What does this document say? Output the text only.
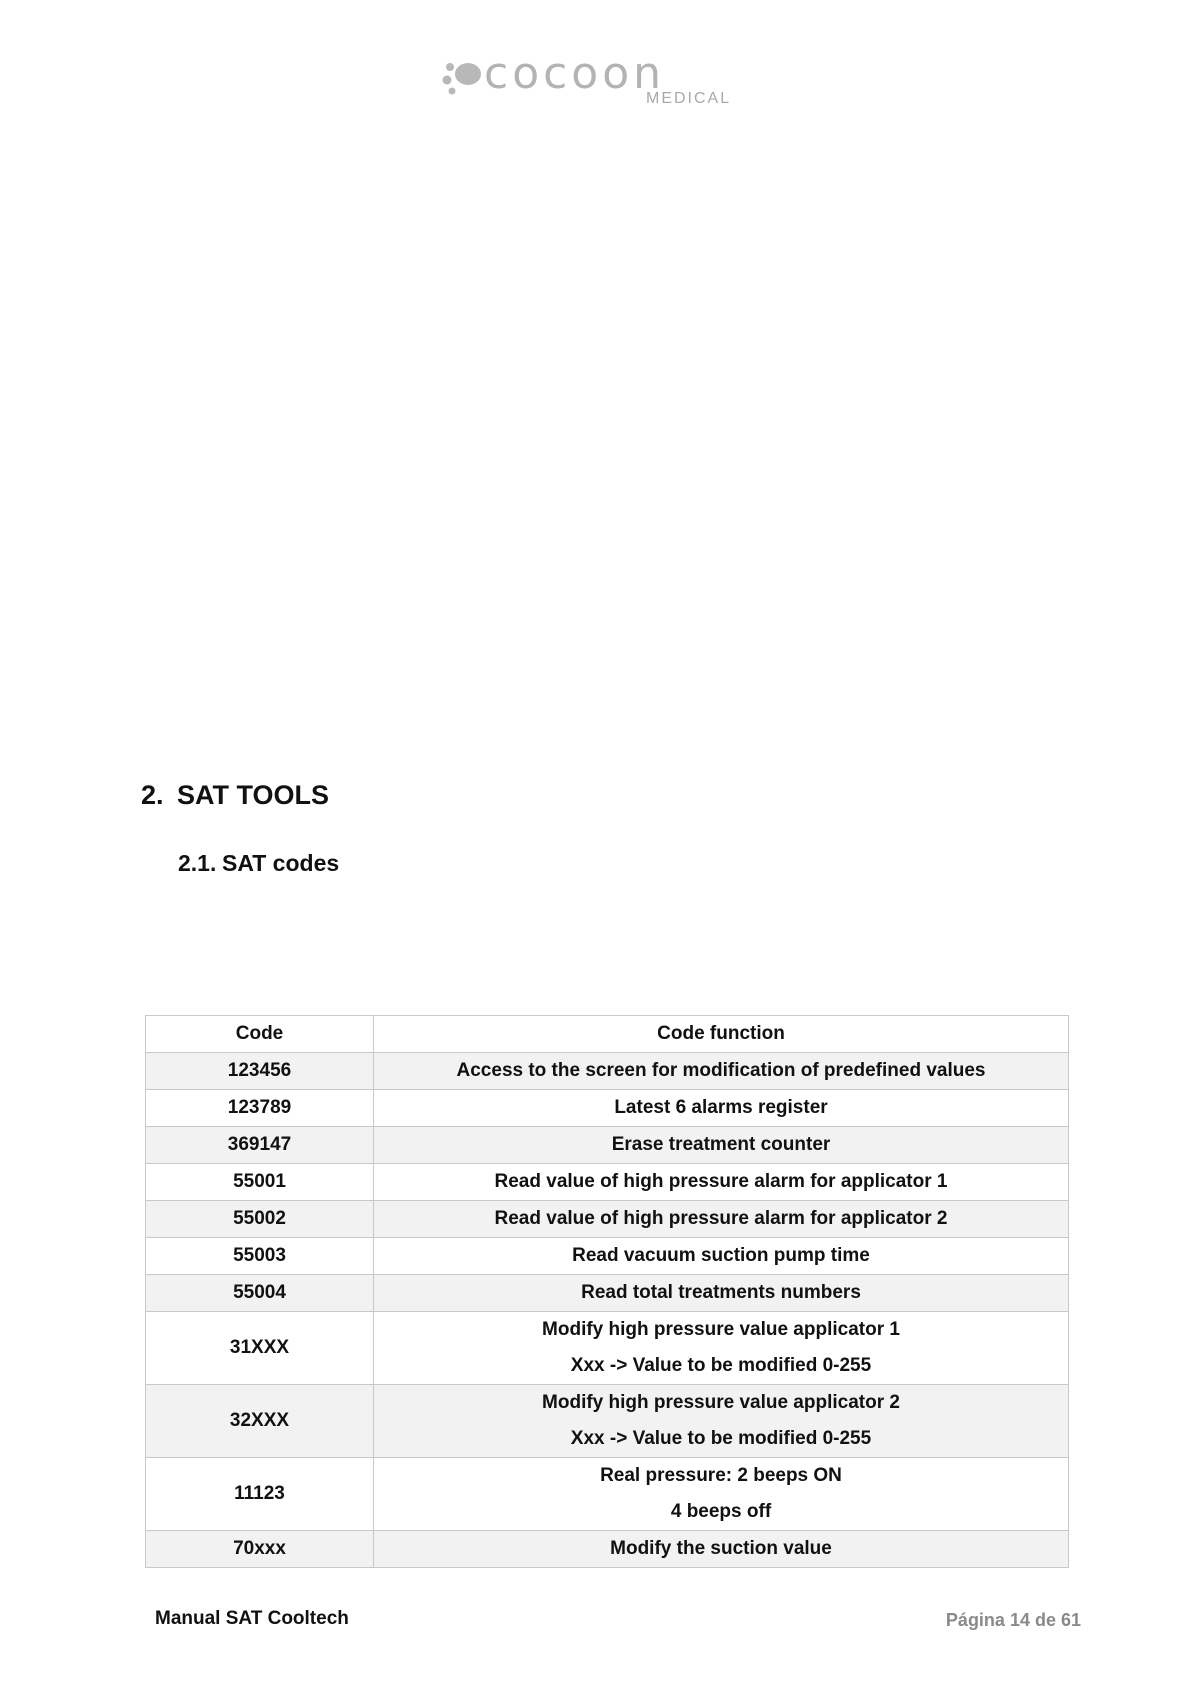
cocoon
MEDICAL
2. SAT TOOLS
2.1. SAT codes
Code	Code function
123456	Access to the screen for modification of predefined values

123789	Latest 6 alarms register

369147	Erase treatment counter

55001	Read value of high pressure alarm for applicator 1

55002	Read value of high pressure alarm for applicator 2

55003	Read vacuum suction pump time

55004	Read total treatments numbers

31XXX	Modify high pressure value applicator 1
Xxx -> Value to be modified 0-255

32XXX	Modify high pressure value applicator 2
Xxx -> Value to be modified 0-255

11123	Real pressure: 2 beeps ON
4 beeps off

70xxx	Modify the suction value
Manual SAT Cooltech	Página 14 de 61
